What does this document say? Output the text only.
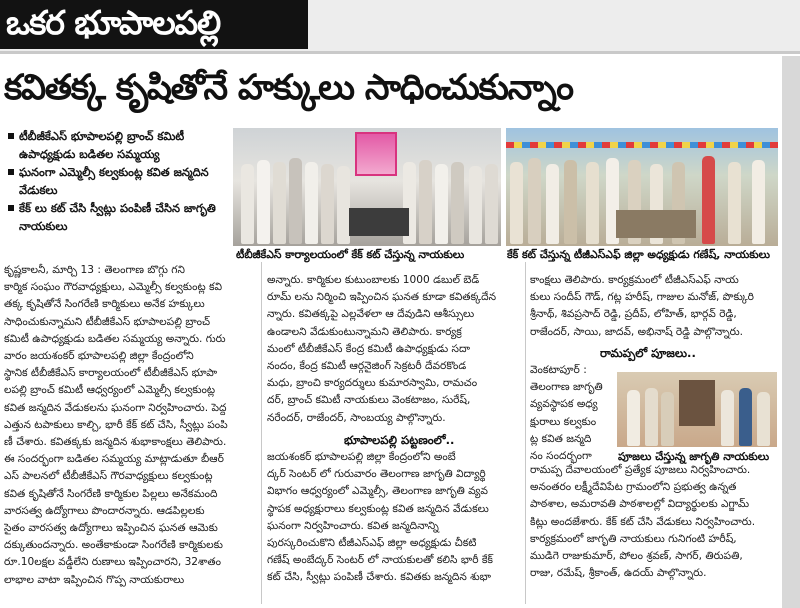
ఒకర భూపాలపల్లి
కవితక్క కృషితోనే హక్కులు సాధించుకున్నాం
టీబీజీకేఎస్ భూపాలపల్లి బ్రాంచ్ కమిటీ ఉపాధ్యక్షుడు బడితల సమ్మయ్య
ఘనంగా ఎమ్మెల్సీ కల్వకుంట్ల కవిత జన్మదిన వేడుకలు
కేక్ లు కట్ చేసి స్వీట్లు పంపిణీ చేసిన జాగృతి నాయకులు
టీబీజీకేఎస్ కార్యాలయంలో కేక్ కట్ చేస్తున్న నాయకులు	కేక్ కట్ చేస్తున్న టీజీఎస్ఎఫ్ జిల్లా అధ్యక్షుడు గణేష్, నాయకులు
పూజలు చేస్తున్న జాగృతి నాయకులు
కృష్ణకాలనీ, మార్చి 13 : తెలంగాణ బొగ్గు గని
కార్మిక సంఘం గౌరవాధ్యక్షులు, ఎమ్మెల్సీ కల్వకుంట్ల కవి
తక్క కృషితోనే సింగరేణి కార్మికులు అనేక హక్కులు
సాధించుకున్నామని టీబీజీకేఎస్ భూపాలపల్లి బ్రాంచ్
కమిటీ ఉపాధ్యక్షుడు బడితల సమ్మయ్య అన్నారు. గురు
వారం జయశంకర్ భూపాలపల్లి జిల్లా కేంద్రంలోని
స్థానిక టీబీజీకేఎస్ కార్యాలయంలో టీబీజీకేఎస్ భూపా
లపల్లి బ్రాంచ్ కమిటీ ఆధ్వర్యంలో ఎమ్మెల్సీ కల్వకుంట్ల
కవిత జన్మదిన వేడుకలను ఘనంగా నిర్వహించారు. పెద్ద
ఎత్తున టపాకులు కాల్చి, భారీ కేక్ కట్ చేసి, స్వీట్లు పంపి
ణీ చేశారు. కవితక్కకు జన్మదిన శుభాకాంక్షలు తెలిపారు.
ఈ సందర్భంగా బడితల సమ్మయ్య మాట్లాడుతూ బీఆర్
ఎస్ పాలనలో టీబీజీకేఎస్ గౌరవాధ్యక్షులు కల్వకుంట్ల
కవిత కృషితోనే సింగరేణి కార్మికుల పిల్లలు అనేకమంది
వారసత్వ ఉద్యోగాలు పొందారన్నారు. ఆడపిల్లలకు
సైతం వారసత్వ ఉద్యోగాలు ఇప్పించిన ఘనత ఆమెకు
దక్కుతుందన్నారు. అంతేకాకుండా సింగరేణి కార్మికులకు
రూ.10లక్షల వడ్డీలేని రుణాలు ఇప్పించారని, 32శాతం
లాభాల వాటా ఇప్పించిన గొప్ప నాయకురాలు
అన్నారు. కార్మికుల కుటుంబాలకు 1000 డబుల్ బెడ్
రూమ్ లను నిర్మించి ఇప్పించిన ఘనత కూడా కవితక్కదేన
న్నారు. కవితక్కపై ఎల్లవేళలా ఆ దేవుడిని ఆశీస్సులు
ఉండాలని వేడుకుంటున్నామని తెలిపారు. కార్యక్ర
మంలో టీబీజీకేఎస్ కేంద్ర కమిటీ ఉపాధ్యక్షుడు సదా
నందం, కేంద్ర కమిటీ ఆర్గనైజింగ్ సెక్రటరీ దేవరకొండ
మధు, బ్రాంచి కార్యదర్శులు కుమారస్వామి, రామచం
దర్, బ్రాంచ్ కమిటీ నాయకులు వెంకటాజం, సురేష్,
నరేందర్, రాజేందర్, సాంబయ్య పాల్గొన్నారు.
భూపాలపల్లి పట్టణంలో..
జయశంకర్ భూపాలపల్లి జిల్లా కేంద్రంలోని అంబే
ద్కర్ సెంటర్ లో గురువారం తెలంగాణ జాగృతి విద్యార్థి
విభాగం ఆధ్వర్యంలో ఎమ్మెల్సీ, తెలంగాణ జాగృతి వ్యవ
స్థాపక అధ్యక్షురాలు కల్వకుంట్ల కవిత జన్మదిన వేడుకలు
ఘనంగా నిర్వహించారు. కవిత జన్మదినాన్ని
పురస్కరించుకొని టీజీఎస్ఎఫ్ జిల్లా అధ్యక్షుడు చీకటి
గణేష్ అంబేద్కర్ సెంటర్ లో నాయకులతో కలిసి భారీ కేక్
కట్ చేసి, స్వీట్లు పంపిణీ చేశారు. కవితకు జన్మదిన శుభా
కాంక్షలు తెలిపారు. కార్యక్రమంలో టీజీఎస్ఎఫ్ నాయ
కులు సందీప్ గౌడ్, గట్ల హరీష్, గాజుల మనోజ్, పొక్కురి
శ్రీనాథ్, శివప్రసాద్ రెడ్డి, ప్రదీప్, లోహిత్, భార్గవ్ రెడ్డి,
రాజేందర్, సాయి, జాదవ్, అభినాష్ రెడ్డి పాల్గొన్నారు.
రామప్పలో పూజలు..
వెంకటాపూర్ :
తెలంగాణ జాగృతి
వ్యవస్థాపక అధ్య
క్షురాలు కల్వకుం
ట్ల కవిత జన్మది
నం సందర్భంగా
రామప్ప దేవాలయంలో ప్రత్యేక పూజలు నిర్వహించారు.
అనంతరం లక్ష్మీదేవిపేట గ్రామంలోని ప్రభుత్వ ఉన్నత
పాఠశాల, అమరావతి పాఠశాలల్లో విద్యార్థులకు ఎగ్జామ్
కిట్లు అందజేశారు. కేక్ కట్ చేసి వేడుకలు నిర్వహించారు.
కార్యక్రమంలో జాగృతి నాయకులు గునిగంటి హరీష్,
ముడిగె రాజుకుమార్, పోలం శ్రవణ్, సాగర్, తిరుపతి,
రాజు, రమేష్, శ్రీకాంత్, ఉదయ్ పాల్గొన్నారు.
